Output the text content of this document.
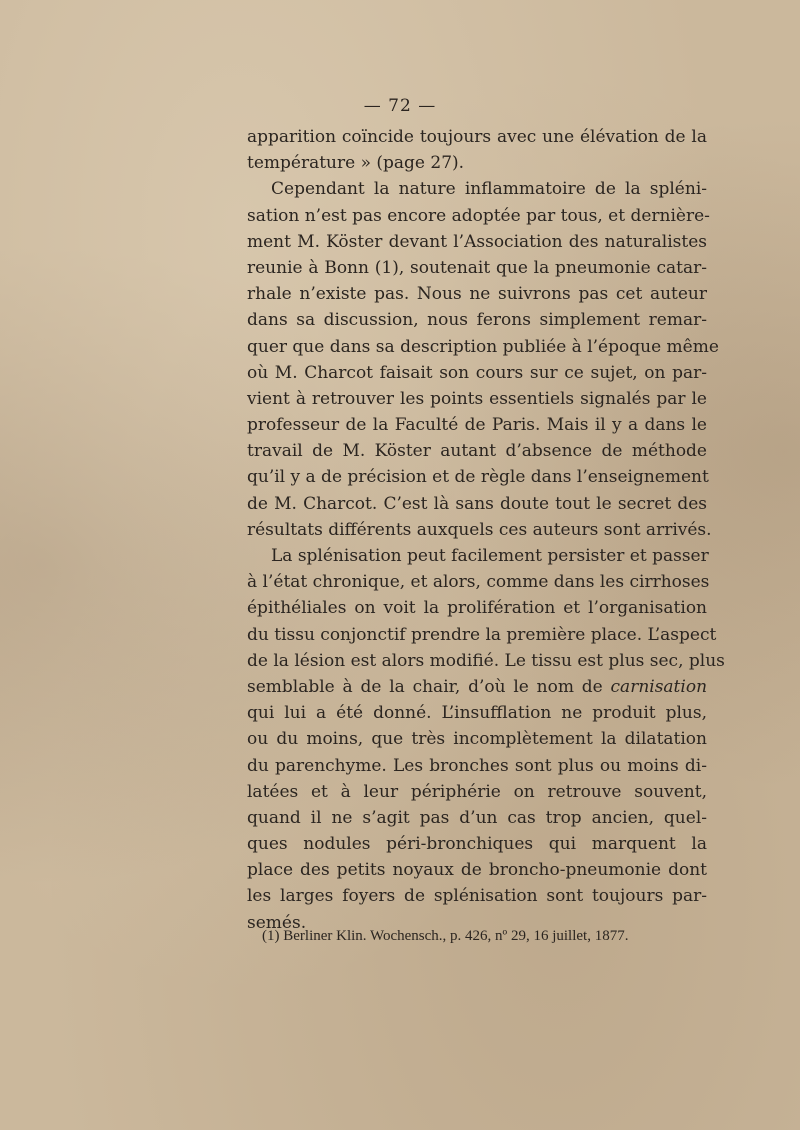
— 72 —
apparition coïncide toujours avec une élévation de la
température » (page 27).
Cependant la nature inflammatoire de la spléni-
sation n’est pas encore adoptée par tous, et dernière-
ment M. Köster devant l’Association des naturalistes
reunie à Bonn (1), soutenait que la pneumonie catar-
rhale n’existe pas. Nous ne suivrons pas cet auteur
dans sa discussion, nous ferons simplement remar-
quer que dans sa description publiée à l’époque même
où M. Charcot faisait son cours sur ce sujet, on par-
vient à retrouver les points essentiels signalés par le
professeur de la Faculté de Paris. Mais il y a dans le
travail de M. Köster autant d’absence de méthode
qu’il y a de précision et de règle dans l’enseignement
de M. Charcot. C’est là sans doute tout le secret des
résultats différents auxquels ces auteurs sont arrivés.
La splénisation peut facilement persister et passer
à l’état chronique, et alors, comme dans les cirrhoses
épithéliales on voit la prolifération et l’organisation
du tissu conjonctif prendre la première place. L’aspect
de la lésion est alors modifié. Le tissu est plus sec, plus
semblable à de la chair, d’où le nom de carnisation
qui lui a été donné. L’insufflation ne produit plus,
ou du moins, que très incomplètement la dilatation
du parenchyme. Les bronches sont plus ou moins di-
latées et à leur périphérie on retrouve souvent,
quand il ne s’agit pas d’un cas trop ancien, quel-
ques nodules péri-bronchiques qui marquent la
place des petits noyaux de broncho-pneumonie dont
les larges foyers de splénisation sont toujours par-
semés.
(1) Berliner Klin. Wochensch., p. 426, nº 29, 16 juillet, 1877.
